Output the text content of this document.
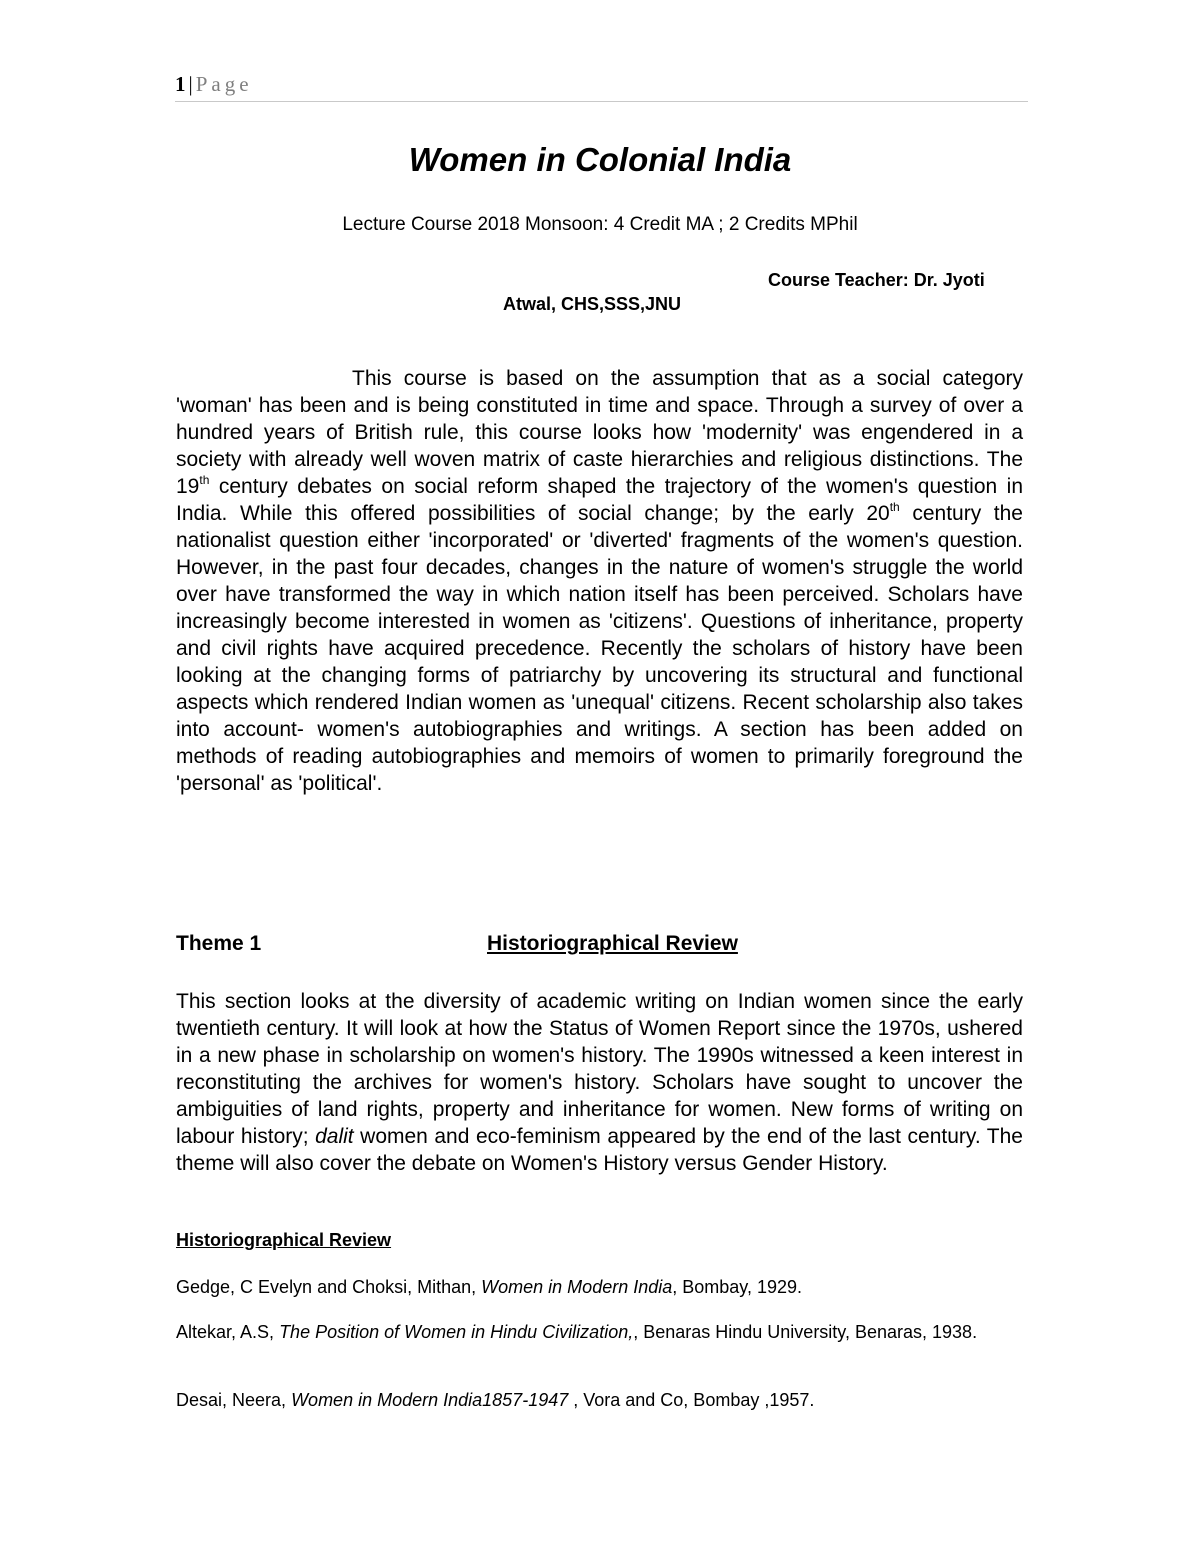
1 | Page
Women in Colonial India
Lecture Course 2018 Monsoon: 4 Credit MA ; 2 Credits MPhil
Course Teacher: Dr. Jyoti
Atwal, CHS,SSS,JNU

This course is based on the assumption that as a social category 'woman' has been and is being constituted in time and space. Through a survey of over a hundred years of British rule, this course looks how 'modernity' was engendered in a society with already well woven matrix of caste hierarchies and religious distinctions. The 19th century debates on social reform shaped the trajectory of the women's question in India. While this offered possibilities of social change; by the early 20th century the nationalist question either 'incorporated' or 'diverted' fragments of the women's question. However, in the past four decades, changes in the nature of women's struggle the world over have transformed the way in which nation itself has been perceived. Scholars have increasingly become interested in women as 'citizens'. Questions of inheritance, property and civil rights have acquired precedence. Recently the scholars of history have been looking at the changing forms of patriarchy by uncovering its structural and functional aspects which rendered Indian women as 'unequal' citizens. Recent scholarship also takes into account- women's autobiographies and writings. A section has been added on methods of reading autobiographies and memoirs of women to primarily foreground the 'personal' as 'political'.

Theme 1	Historiographical Review

This section looks at the diversity of academic writing on Indian women since the early twentieth century. It will look at how the Status of Women Report since the 1970s, ushered in a new phase in scholarship on women's history. The 1990s witnessed a keen interest in reconstituting the archives for women's history. Scholars have sought to uncover the ambiguities of land rights, property and inheritance for women. New forms of writing on labour history; dalit women and eco-feminism appeared by the end of the last century. The theme will also cover the debate on Women's History versus Gender History.

Historiographical Review

Gedge, C Evelyn and Choksi, Mithan, Women in Modern India, Bombay, 1929.

Altekar, A.S, The Position of Women in Hindu Civilization,, Benaras Hindu University, Benaras, 1938.

Desai, Neera, Women in Modern India1857-1947 , Vora and Co, Bombay ,1957.
